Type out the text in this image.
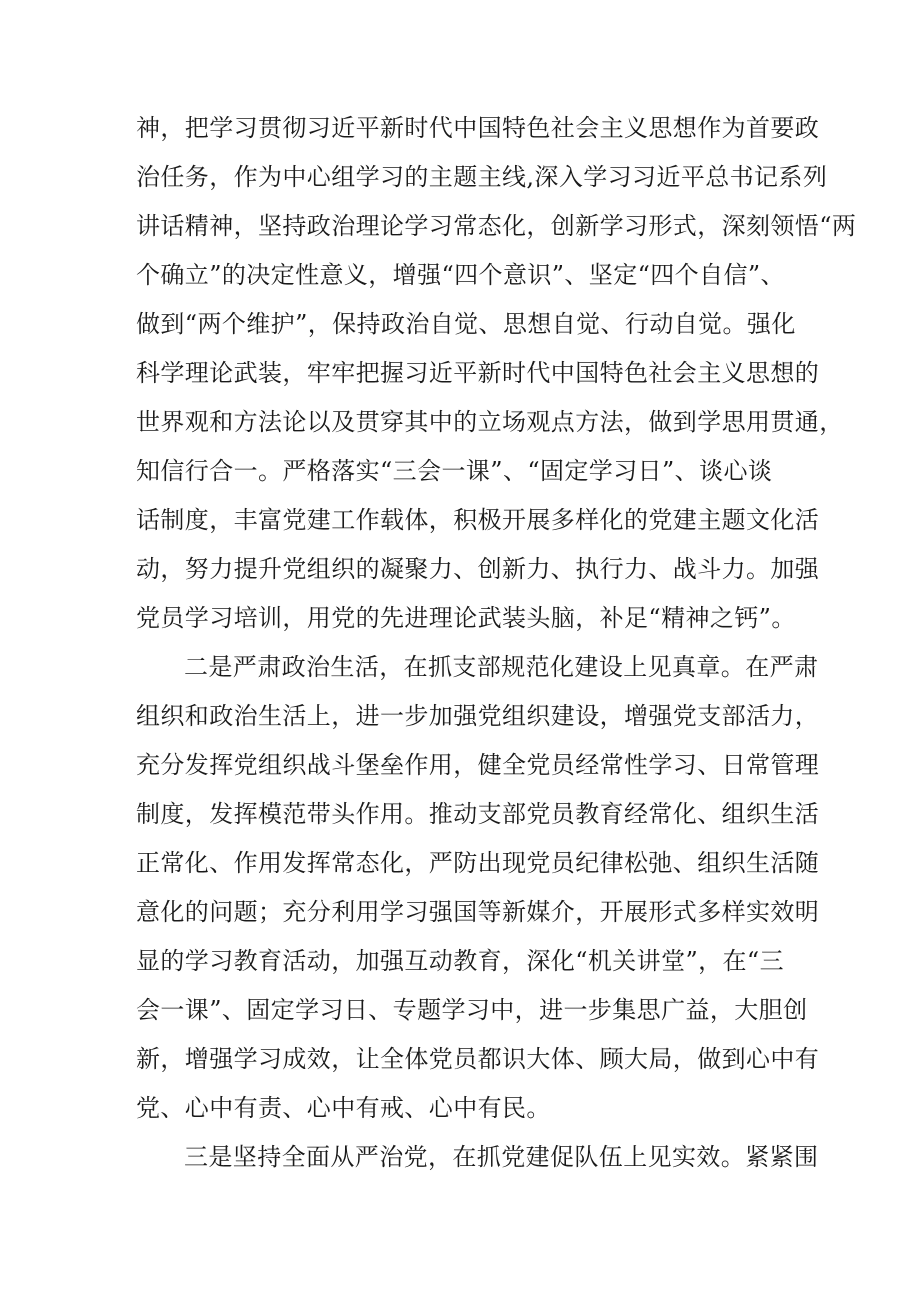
神，把学习贯彻习近平新时代中国特色社会主义思想作为首要政
治任务，作为中心组学习的主题主线,深入学习习近平总书记系列
讲话精神，坚持政治理论学习常态化，创新学习形式，深刻领悟“两
个确立”的决定性意义，增强“四个意识”、坚定“四个自信”、
做到“两个维护”，保持政治自觉、思想自觉、行动自觉。强化
科学理论武装，牢牢把握习近平新时代中国特色社会主义思想的
世界观和方法论以及贯穿其中的立场观点方法，做到学思用贯通，
知信行合一。严格落实“三会一课”、“固定学习日”、谈心谈
话制度，丰富党建工作载体，积极开展多样化的党建主题文化活
动，努力提升党组织的凝聚力、创新力、执行力、战斗力。加强
党员学习培训，用党的先进理论武装头脑，补足“精神之钙”。
二是严肃政治生活，在抓支部规范化建设上见真章。在严肃
组织和政治生活上，进一步加强党组织建设，增强党支部活力，
充分发挥党组织战斗堡垒作用，健全党员经常性学习、日常管理
制度，发挥模范带头作用。推动支部党员教育经常化、组织生活
正常化、作用发挥常态化，严防出现党员纪律松弛、组织生活随
意化的问题；充分利用学习强国等新媒介，开展形式多样实效明
显的学习教育活动，加强互动教育，深化“机关讲堂”，在“三
会一课”、固定学习日、专题学习中，进一步集思广益，大胆创
新，增强学习成效，让全体党员都识大体、顾大局，做到心中有
党、心中有责、心中有戒、心中有民。
三是坚持全面从严治党，在抓党建促队伍上见实效。紧紧围
